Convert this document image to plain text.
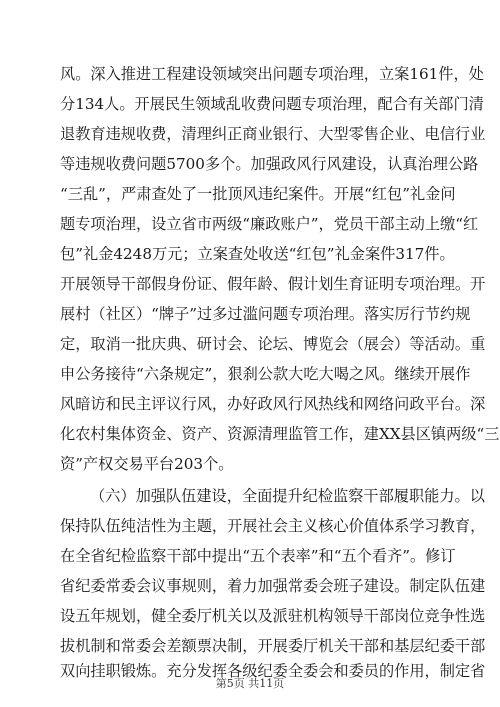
风。深入推进工程建设领域突出问题专项治理，立案161件，处
分134人。开展民生领域乱收费问题专项治理，配合有关部门清
退教育违规收费，清理纠正商业银行、大型零售企业、电信行业
等违规收费问题5700多个。加强政风行风建设，认真治理公路
“三乱”，严肃查处了一批顶风违纪案件。开展“红包”礼金问
题专项治理，设立省市两级“廉政账户”，党员干部主动上缴“红
包”礼金4248万元；立案查处收送“红包”礼金案件317件。
开展领导干部假身份证、假年龄、假计划生育证明专项治理。开
展村（社区）“牌子”过多过滥问题专项治理。落实厉行节约规
定，取消一批庆典、研讨会、论坛、博览会（展会）等活动。重
申公务接待“六条规定”，狠刹公款大吃大喝之风。继续开展作
风暗访和民主评议行风，办好政风行风热线和网络问政平台。深
化农村集体资金、资产、资源清理监管工作，建XX县区镇两级“三
资”产权交易平台203个。
（六）加强队伍建设，全面提升纪检监察干部履职能力。以
保持队伍纯洁性为主题，开展社会主义核心价值体系学习教育，
在全省纪检监察干部中提出“五个表率”和“五个看齐”。修订
省纪委常委会议事规则，着力加强常委会班子建设。制定队伍建
设五年规划，健全委厅机关以及派驻机构领导干部岗位竞争性选
拔机制和常委会差额票决制，开展委厅机关干部和基层纪委干部
双向挂职锻炼。充分发挥各级纪委全委会和委员的作用，制定省
第5页 共11页
